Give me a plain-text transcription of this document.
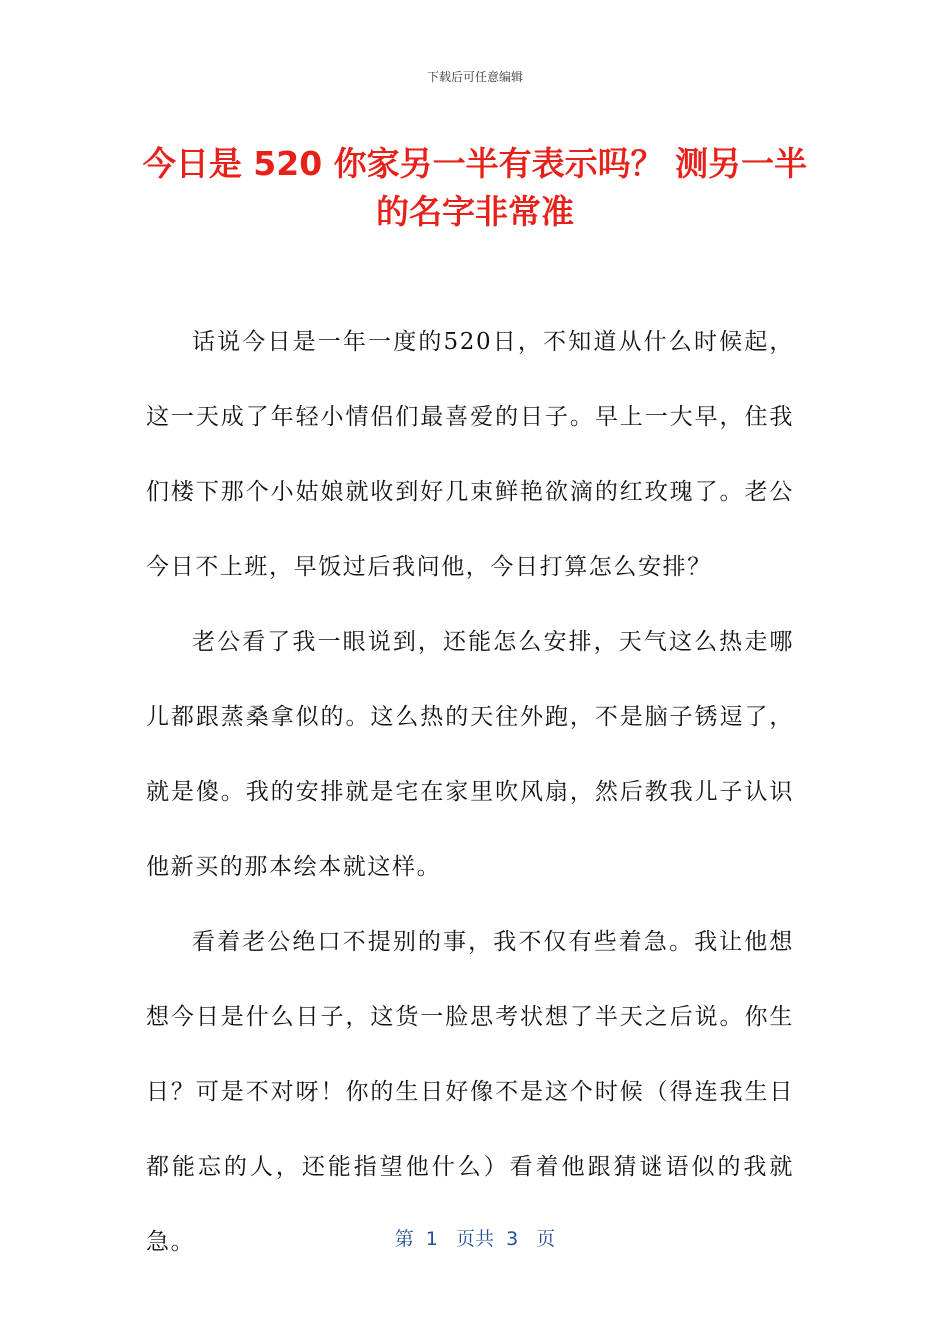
下载后可任意编辑
今日是 520 你家另一半有表示吗？ 测另一半的名字非常准

话说今日是一年一度的520日，不知道从什么时候起，这一天成了年轻小情侣们最喜爱的日子。早上一大早，住我们楼下那个小姑娘就收到好几束鲜艳欲滴的红玫瑰了。老公今日不上班，早饭过后我问他，今日打算怎么安排？

老公看了我一眼说到，还能怎么安排，天气这么热走哪儿都跟蒸桑拿似的。这么热的天往外跑，不是脑子锈逗了，就是傻。我的安排就是宅在家里吹风扇，然后教我儿子认识他新买的那本绘本就这样。

看着老公绝口不提别的事，我不仅有些着急。我让他想想今日是什么日子，这货一脸思考状想了半天之后说。你生日？可是不对呀！你的生日好像不是这个时候（得连我生日都能忘的人，还能指望他什么）看着他跟猜谜语似的我就急。	第  1   页共  3   页
